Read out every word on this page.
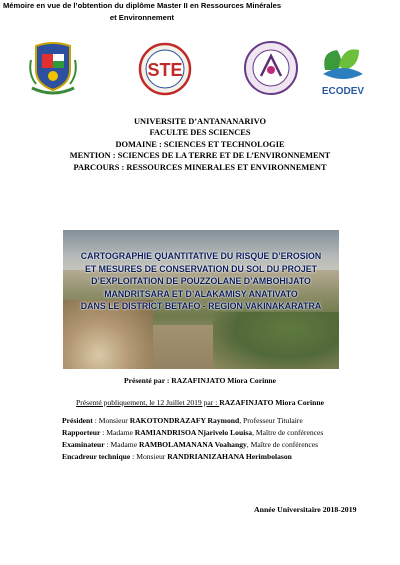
STE
ECODEV
UNIVERSITE D’ANTANANARIVO
FACULTE DES SCIENCES
DOMAINE : SCIENCES ET TECHNOLOGIE
MENTION : SCIENCES DE LA TERRE ET DE L’ENVIRONNEMENT
PARCOURS : RESSOURCES MINERALES ET ENVIRONNEMENT
Mémoire en vue de l’obtention du diplôme Master II en Ressources Minérales et Environnement
CARTOGRAPHIE QUANTITATIVE DU RISQUE D’EROSION
ET MESURES DE CONSERVATION DU SOL DU PROJET
D’EXPLOITATION DE POUZZOLANE D’AMBOHIJATO
MANDRITSARA ET D’ALAKAMISY ANATIVATO
DANS LE DISTRICT BETAFO - REGION VAKINAKARATRA
Présenté par : RAZAFINJATO Miora Corinne
Présenté publiquement, le 12 Juillet 2019 par : RAZAFINJATO Miora Corinne
Président : Monsieur RAKOTONDRAZAFY Raymond, Professeur Titulaire
Rapporteur : Madame RAMIANDRISOA Njarivelo Louisa, Maître de conférences
Examinateur : Madame RAMBOLAMANANA Voahangy, Maître de conférences
Encadreur technique : Monsieur RANDRIANIZAHANA Herimbolason
Année Universitaire 2018-2019
